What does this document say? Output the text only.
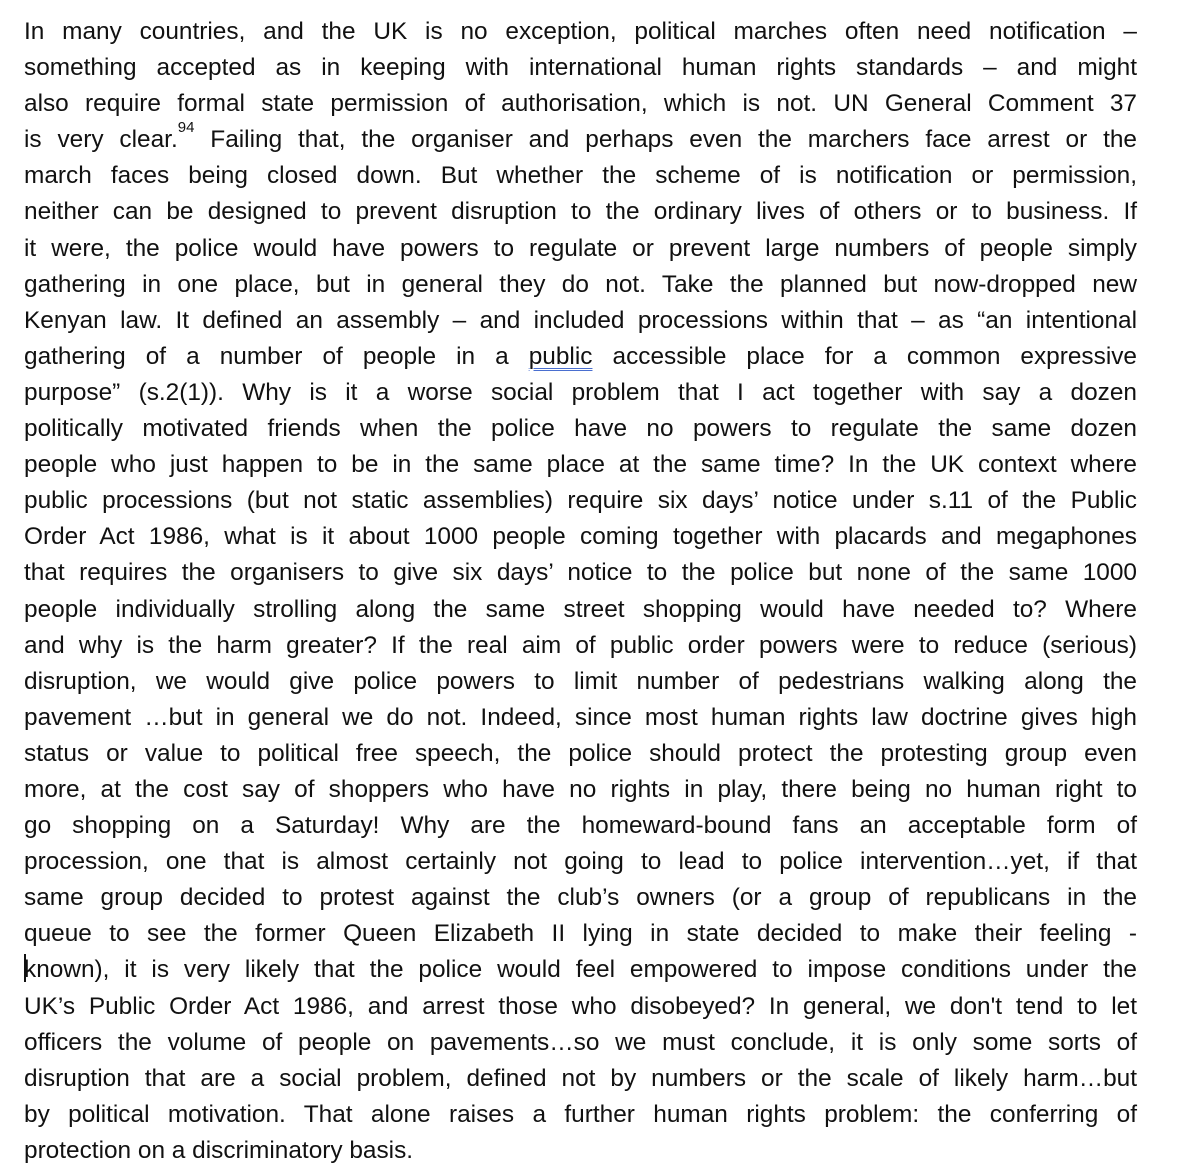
In many countries, and the UK is no exception, political marches often need notification –
something accepted as in keeping with international human rights standards – and might
also require formal state permission of authorisation, which is not. UN General Comment 37
is very clear.$^{94}$ Failing that, the organiser and perhaps even the marchers face arrest or the
march faces being closed down. But whether the scheme of is notification or permission,
neither can be designed to prevent disruption to the ordinary lives of others or to business. If
it were, the police would have powers to regulate or prevent large numbers of people simply
gathering in one place, but in general they do not. Take the planned but now-dropped new
Kenyan law. It defined an assembly – and included processions within that – as “an intentional
gathering of a number of people in a public accessible place for a common expressive
purpose” (s.2(1)). Why is it a worse social problem that I act together with say a dozen
politically motivated friends when the police have no powers to regulate the same dozen
people who just happen to be in the same place at the same time? In the UK context where
public processions (but not static assemblies) require six days’ notice under s.11 of the Public
Order Act 1986, what is it about 1000 people coming together with placards and megaphones
that requires the organisers to give six days’ notice to the police but none of the same 1000
people individually strolling along the same street shopping would have needed to? Where
and why is the harm greater? If the real aim of public order powers were to reduce (serious)
disruption, we would give police powers to limit number of pedestrians walking along the
pavement …but in general we do not. Indeed, since most human rights law doctrine gives high
status or value to political free speech, the police should protect the protesting group even
more, at the cost say of shoppers who have no rights in play, there being no human right to
go shopping on a Saturday! Why are the homeward-bound fans an acceptable form of
procession, one that is almost certainly not going to lead to police intervention…yet, if that
same group decided to protest against the club’s owners (or a group of republicans in the
queue to see the former Queen Elizabeth II lying in state decided to make their feeling -
known), it is very likely that the police would feel empowered to impose conditions under the
UK’s Public Order Act 1986, and arrest those who disobeyed? In general, we don't tend to let
officers the volume of people on pavements…so we must conclude, it is only some sorts of
disruption that are a social problem, defined not by numbers or the scale of likely harm…but
by political motivation. That alone raises a further human rights problem: the conferring of
protection on a discriminatory basis.
